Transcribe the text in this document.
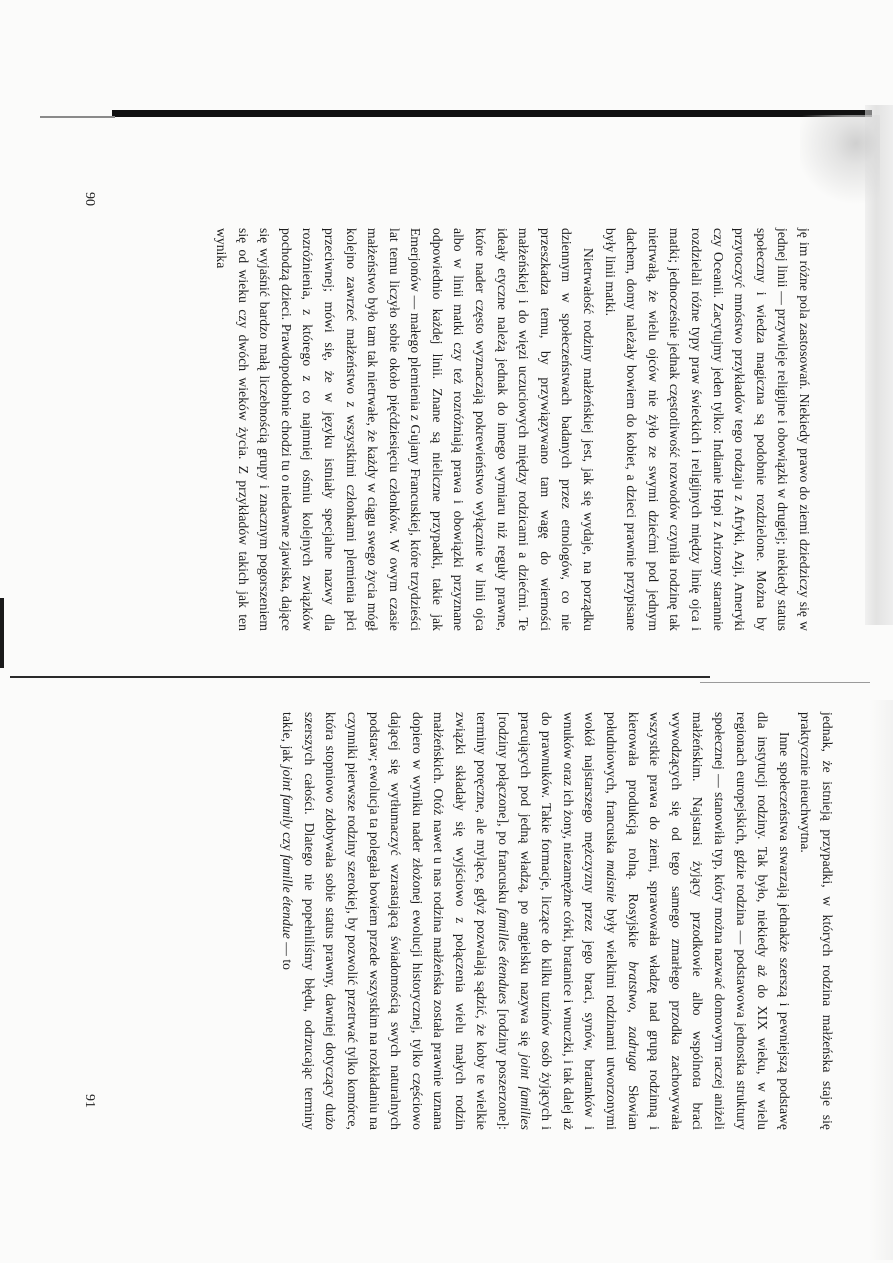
ję im różne pola zastosowań. Niekiedy prawo do ziemi dziedziczy się w jednej linii — przywileje religijne i obowiązki w drugiej; niekiedy status społeczny i wiedza magiczna są podobnie rozdzielone. Można by przytoczyć mnóstwo przykładów tego rodzaju z Afryki, Azji, Ameryki czy Oceanii. Zacytujmy jeden tylko: Indianie Hopi z Arizony starannie rozdzielali różne typy praw świeckich i religijnych między linię ojca i matki; jednocześnie jednak częstotliwość rozwodów czyniła rodzinę tak nietrwałą, że wielu ojców nie żyło ze swymi dziećmi pod jednym dachem, domy należały bowiem do kobiet, a dzieci prawnie przypisane były linii matki.

Nietrwałość rodziny małżeńskiej jest, jak się wydaje, na porządku dziennym w społeczeństwach badanych przez etnologów, co nie przeszkadza temu, by przywiązywano tam wagę do wierności małżeńskiej i do więzi uczuciowych między rodzicami a dziećmi. Te ideały etyczne należą jednak do innego wymiaru niż reguły prawne, które nader często wyznaczają pokrewieństwo wyłącznie w linii ojca albo w linii matki czy też rozróżniają prawa i obowiązki przyznane odpowiednio każdej linii. Znane są nieliczne przypadki, takie jak Emerjonów — małego plemienia z Gujany Francuskiej, które trzydzieści lat temu liczyło sobie około pięćdziesięciu członków. W owym czasie małżeństwo było tam tak nietrwałe, że każdy w ciągu swego życia mógł kolejno zawrzeć małżeństwo z wszystkimi członkami plemienia płci przeciwnej; mówi się, że w języku istniały specjalne nazwy dla rozróżnienia, z którego z co najmniej ośmiu kolejnych związków pochodzą dzieci. Prawdopodobnie chodzi tu o niedawne zjawiska, dające się wyjaśnić bardzo małą liczebnością grupy i znacznym pogorszeniem się od wieku czy dwóch wieków życia. Z przykładów takich jak ten wynika

90

jednak, że istnieją przypadki, w których rodzina małżeńska staje się praktycznie nieuchwytna.

Inne społeczeństwa stwarzają jednakże szerszą i pewniejszą podstawę dla instytucji rodziny. Tak było, niekiedy aż do XIX wieku, w wielu regionach europejskich, gdzie rodzina — podstawowa jednostka struktury społecznej — stanowiła typ, który można nazwać domowym raczej aniżeli małżeńskim. Najstarsi żyjący przodkowie albo wspólnota braci wywodzących się od tego samego zmarłego przodka zachowywała wszystkie prawa do ziemi, sprawowała władzę nad grupą rodzinną i kierowała produkcją rolną. Rosyjskie bratstwo, zadruga Słowian południowych, francuska maisnie były wielkimi rodzinami utworzonymi wokół najstarszego mężczyzny przez jego braci, synów, bratanków i wnuków oraz ich żony, niezamężne córki, bratanice i wnuczki, i tak dalej aż do prawnuków. Takie formacje, liczące do kilku tuzinów osób żyjących i pracujących pod jedną władzą, po angielsku nazywa się joint families [rodziny połączone], po francusku familles étendues [rodziny poszerzone]: terminy poręczne, ale mylące, gdyż pozwalają sądzić, że koby te wielkie związki składały się wyjściowo z połączenia wielu małych rodzin małżeńskich. Otóż nawet u nas rodzina małżeńska została prawnie uznana dopiero w wyniku nader złożonej ewolucji historycznej, tylko częściowo dającej się wytłumaczyć wzrastającą świadomością swych naturalnych podstaw; ewolucja ta polegała bowiem przede wszystkim na rozkładaniu na czynniki pierwsze rodziny szerokiej, by pozwolić przetrwać tylko komórce, która stopniowo zdobywała sobie status prawny, dawniej dotyczący dużo szerszych całości. Dlatego nie popełniliśmy błędu, odrzucając terminy takie, jak joint family czy famille étendue — to

91
